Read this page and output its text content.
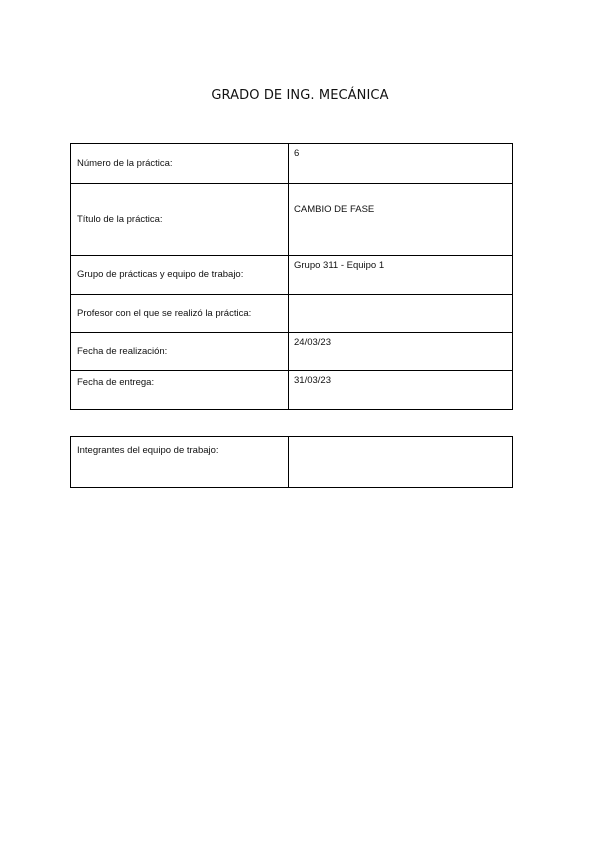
GRADO DE ING. MECÁNICA
Número de la práctica:	6

Título de la práctica:	CAMBIO DE FASE

Grupo de prácticas y equipo de trabajo:	Grupo 311 - Equipo 1

Profesor con el que se realizó la práctica:	

Fecha de realización:	24/03/23

Fecha de entrega:	31/03/23
Integrantes del equipo de trabajo:
